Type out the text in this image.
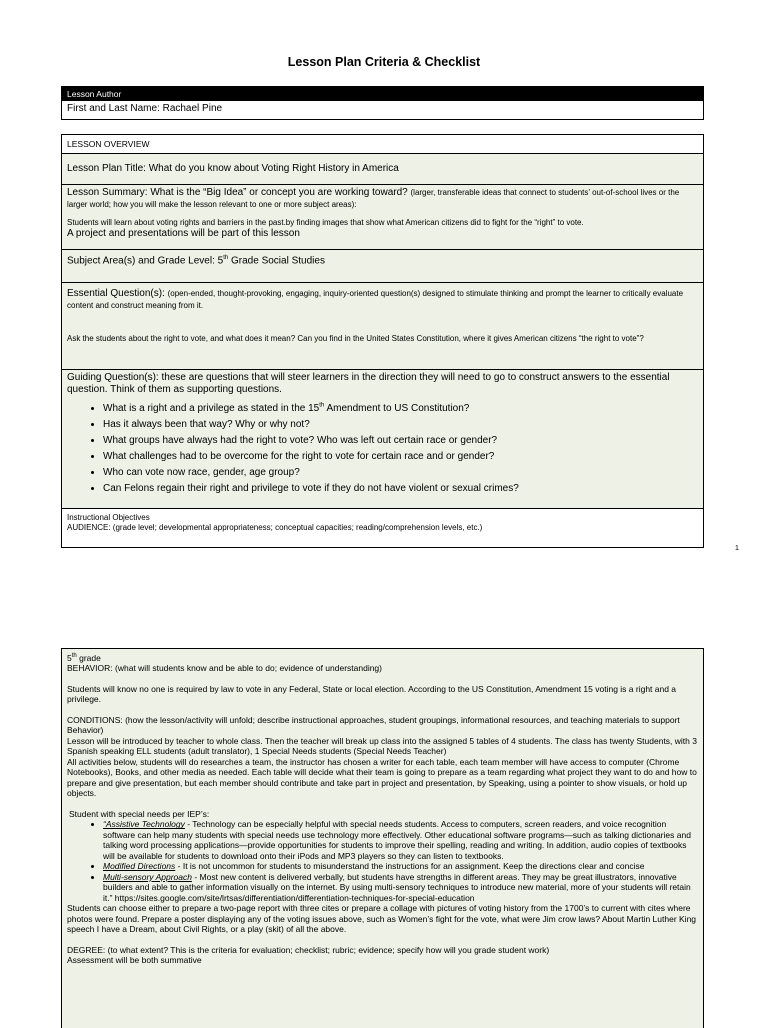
Lesson Plan Criteria & Checklist
Lesson Author
First and Last Name: Rachael Pine
LESSON OVERVIEW
Lesson Plan Title: What do you know about Voting Right History in America
Lesson Summary: What is the “Big Idea” or concept you are working toward? (larger, transferable ideas that connect to students’ out-of-school lives or the larger world; how you will make the lesson relevant to one or more subject areas):
Students will learn about voting rights and barriers in the past.by finding images that show what American citizens did to fight for the “right” to vote.
A project and presentations will be part of this lesson
Subject Area(s) and Grade Level: 5th Grade Social Studies
Essential Question(s): (open-ended, thought-provoking, engaging, inquiry-oriented question(s) designed to stimulate thinking and prompt the learner to critically evaluate content and construct meaning from it.
Ask the students about the right to vote, and what does it mean? Can you find in the United States Constitution, where it gives American citizens “the right to vote”?
Guiding Question(s): these are questions that will steer learners in the direction they will need to go to construct answers to the essential question. Think of them as supporting questions.
• What is a right and a privilege as stated in the 15th Amendment to US Constitution?
• Has it always been that way? Why or why not?
• What groups have always had the right to vote? Who was left out certain race or gender?
• What challenges had to be overcome for the right to vote for certain race and or gender?
• Who can vote now race, gender, age group?
• Can Felons regain their right and privilege to vote if they do not have violent or sexual crimes?
Instructional Objectives
AUDIENCE: (grade level; developmental appropriateness; conceptual capacities; reading/comprehension levels, etc.)
1

5th grade

BEHAVIOR: (what will students know and be able to do; evidence of understanding)

Students will know no one is required by law to vote in any Federal, State or local election. According to the US Constitution, Amendment 15 voting is a right and a privilege.

CONDITIONS: (how the lesson/activity will unfold; describe instructional approaches, student groupings, informational resources, and teaching materials to support Behavior)

Lesson will be introduced by teacher to whole class. Then the teacher will break up class into the assigned 5 tables of 4 students. The class has twenty Students, with 3 Spanish speaking ELL students (adult translator), 1 Special Needs students (Special Needs Teacher)

All activities below, students will do researches a team, the instructor has chosen a writer for each table, each team member will have access to computer (Chrome Notebooks), Books, and other media as needed. Each table will decide what their team is going to prepare as a team regarding what project they want to do and how to prepare and give presentation, but each member should contribute and take part in project and presentation, by Speaking, using a pointer to show visuals, or hold up objects.

Student with special needs per IEP’s:

• “Assistive Technology - Technology can be especially helpful with special needs students. Access to computers, screen readers, and voice recognition software can help many students with special needs use technology more effectively. Other educational software programs—such as talking dictionaries and talking word processing applications—provide opportunities for students to improve their spelling, reading and writing. In addition, audio copies of textbooks will be available for students to download onto their iPods and MP3 players so they can listen to textbooks.
• Modified Directions - It is not uncommon for students to misunderstand the instructions for an assignment. Keep the directions clear and concise
• Multi-sensory Approach - Most new content is delivered verbally, but students have strengths in different areas. They may be great illustrators, innovative builders and able to gather information visually on the internet. By using multi-sensory techniques to introduce new material, more of your students will retain it.” https://sites.google.com/site/lrtsas/differentiation/differentiation-techniques-for-special-education

Students can choose either to prepare a two-page report with three cites or prepare a collage with pictures of voting history from the 1700’s to current with cites where photos were found. Prepare a poster displaying any of the voting issues above, such as Women’s fight for the vote, what were Jim crow laws? About Martin Luther King speech I have a Dream, about Civil Rights, or a play (skit) of all the above.

DEGREE: (to what extent? This is the criteria for evaluation; checklist; rubric; evidence; specify how will you grade student work)

Assessment will be both summative
